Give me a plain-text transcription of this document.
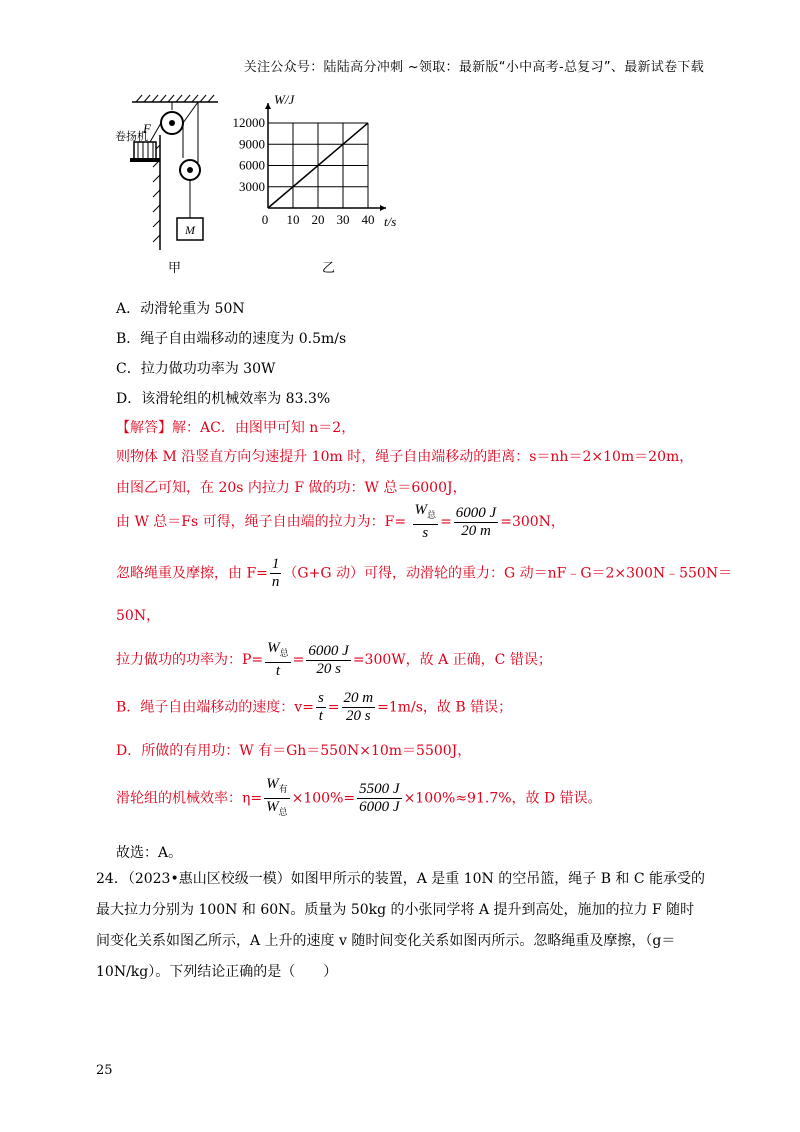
关注公众号：陆陆高分冲刺 ~领取：最新版“小中高考-总复习”、最新试卷下载
M
卷扬机
F
甲
0 10 20 30 40
12000
9000
6000
3000
W/J
t/s
乙
A．动滑轮重为 50N
B．绳子自由端移动的速度为 0.5m/s
C．拉力做功功率为 30W
D．该滑轮组的机械效率为 83.3%
【解答】解：AC．由图甲可知 n＝2，
则物体 M 沿竖直方向匀速提升 10m 时，绳子自由端移动的距离：s＝nh＝2×10m＝20m，
由图乙可知，在 20s 内拉力 F 做的功：W 总＝6000J，
由 W 总＝Fs 可得，绳子自由端的拉力为：$F= \frac{W_总}{s} = \frac{6000 J}{20 m} =300N$，
忽略绳重及摩擦，由 $F= \frac{1}{n} (G+G$ 动）可得，动滑轮的重力：G 动＝nF﹣G＝2×300N﹣550N＝
50N，
拉力做功的功率为：$P= \frac{W_总}{t} = \frac{6000 J}{20 s} =300W$，故 A 正确，C 错误；
B．绳子自由端移动的速度：$v= \frac{s}{t} = \frac{20 m}{20 s} =1m/s$，故 B 错误；
D．所做的有用功：W 有＝Gh＝550N×10m＝5500J，
滑轮组的机械效率：$\eta= \frac{W_有}{W_总} \times 100\%= \frac{5500 J}{6000 J} \times 100\%\approx 91.7\%$，故 D 错误。
故选：A。
24．（2023•惠山区校级一模）如图甲所示的装置，A 是重 10N 的空吊篮，绳子 B 和 C 能承受的最大拉力分别为 100N 和 60N。质量为 50kg 的小张同学将 A 提升到高处，施加的拉力 F 随时间变化关系如图乙所示，A 上升的速度 v 随时间变化关系如图丙所示。忽略绳重及摩擦，（g＝10N/kg）。下列结论正确的是（　　）
25
